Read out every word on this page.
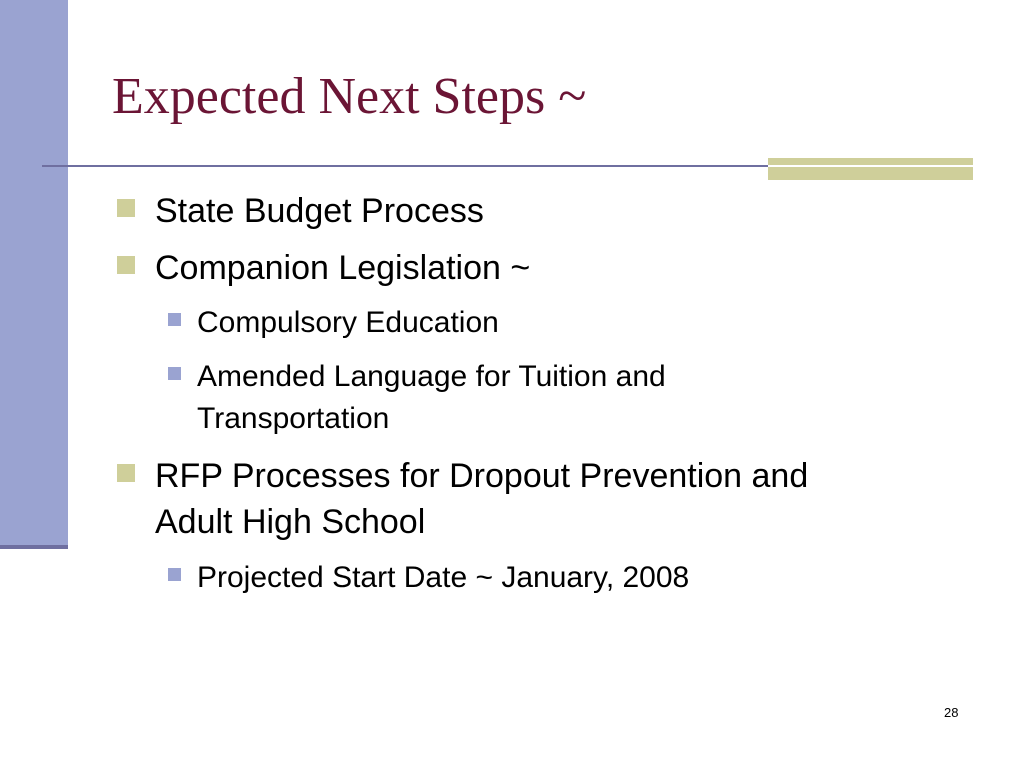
Expected Next Steps ~
State Budget Process
Companion Legislation ~
Compulsory Education
Amended Language for Tuition and
Transportation
RFP Processes for Dropout Prevention and
Adult High School
Projected Start Date ~ January, 2008
28
